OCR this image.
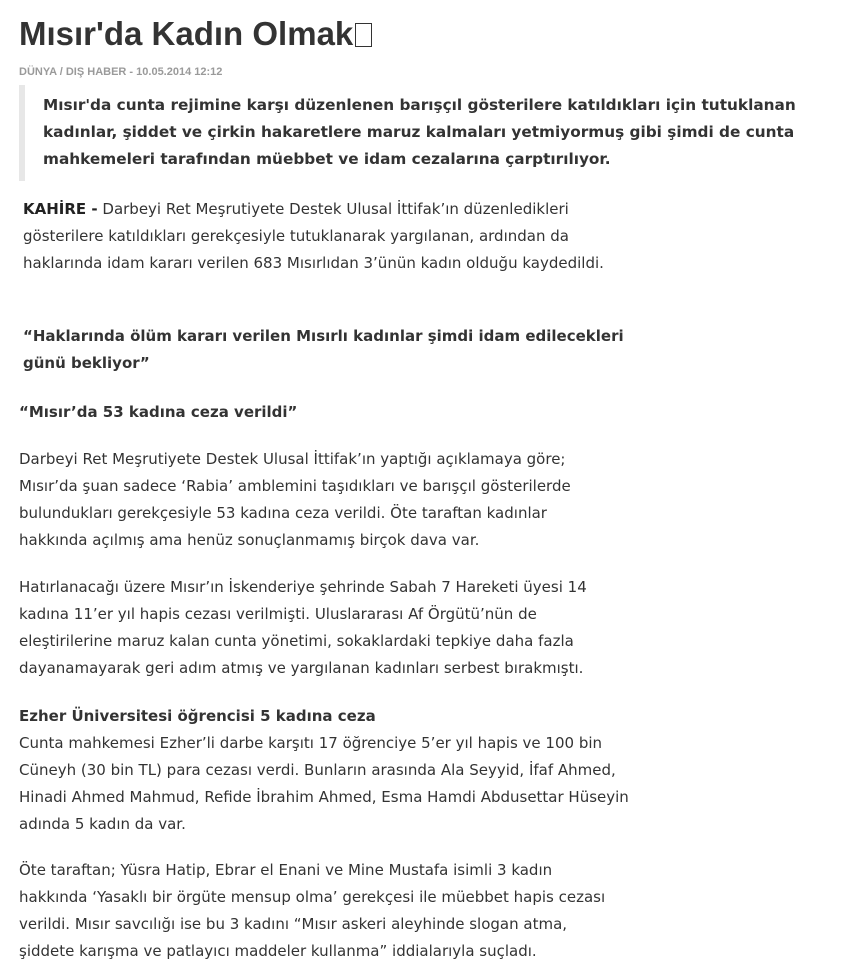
Mısır'da Kadın Olmak
DÜNYA / DIŞ HABER - 10.05.2014 12:12

Mısır'da cunta rejimine karşı düzenlenen barışçıl gösterilere katıldıkları için tutuklanan kadınlar, şiddet ve çirkin hakaretlere maruz kalmaları yetmiyormuş gibi şimdi de cunta mahkemeleri tarafından müebbet ve idam cezalarına çarptırılıyor.

KAHİRE - Darbeyi Ret Meşrutiyete Destek Ulusal İttifak’ın düzenledikleri gösterilere katıldıkları gerekçesiyle tutuklanarak yargılanan, ardından da haklarında idam kararı verilen 683 Mısırlıdan 3’ünün kadın olduğu kaydedildi.

“Haklarında ölüm kararı verilen Mısırlı kadınlar şimdi idam edilecekleri günü bekliyor”

“Mısır’da 53 kadına ceza verildi”

Darbeyi Ret Meşrutiyete Destek Ulusal İttifak’ın yaptığı açıklamaya göre; Mısır’da şuan sadece ‘Rabia’ amblemini taşıdıkları ve barışçıl gösterilerde bulundukları gerekçesiyle 53 kadına ceza verildi. Öte taraftan kadınlar hakkında açılmış ama henüz sonuçlanmamış birçok dava var.

Hatırlanacağı üzere Mısır’ın İskenderiye şehrinde Sabah 7 Hareketi üyesi 14 kadına 11’er yıl hapis cezası verilmişti. Uluslararası Af Örgütü’nün de eleştirilerine maruz kalan cunta yönetimi, sokaklardaki tepkiye daha fazla dayanamayarak geri adım atmış ve yargılanan kadınları serbest bırakmıştı.

Ezher Üniversitesi öğrencisi 5 kadına ceza

Cunta mahkemesi Ezher’li darbe karşıtı 17 öğrenciye 5’er yıl hapis ve 100 bin Cüneyh (30 bin TL) para cezası verdi. Bunların arasında Ala Seyyid, İfaf Ahmed, Hinadi Ahmed Mahmud, Refide İbrahim Ahmed, Esma Hamdi Abdusettar Hüseyin adında 5 kadın da var.

Öte taraftan; Yüsra Hatip, Ebrar el Enani ve Mine Mustafa isimli 3 kadın hakkında ‘Yasaklı bir örgüte mensup olma’ gerekçesi ile müebbet hapis cezası verildi. Mısır savcılığı ise bu 3 kadını “Mısır askeri aleyhinde slogan atma, şiddete karışma ve patlayıcı maddeler kullanma” iddialarıyla suçladı.
